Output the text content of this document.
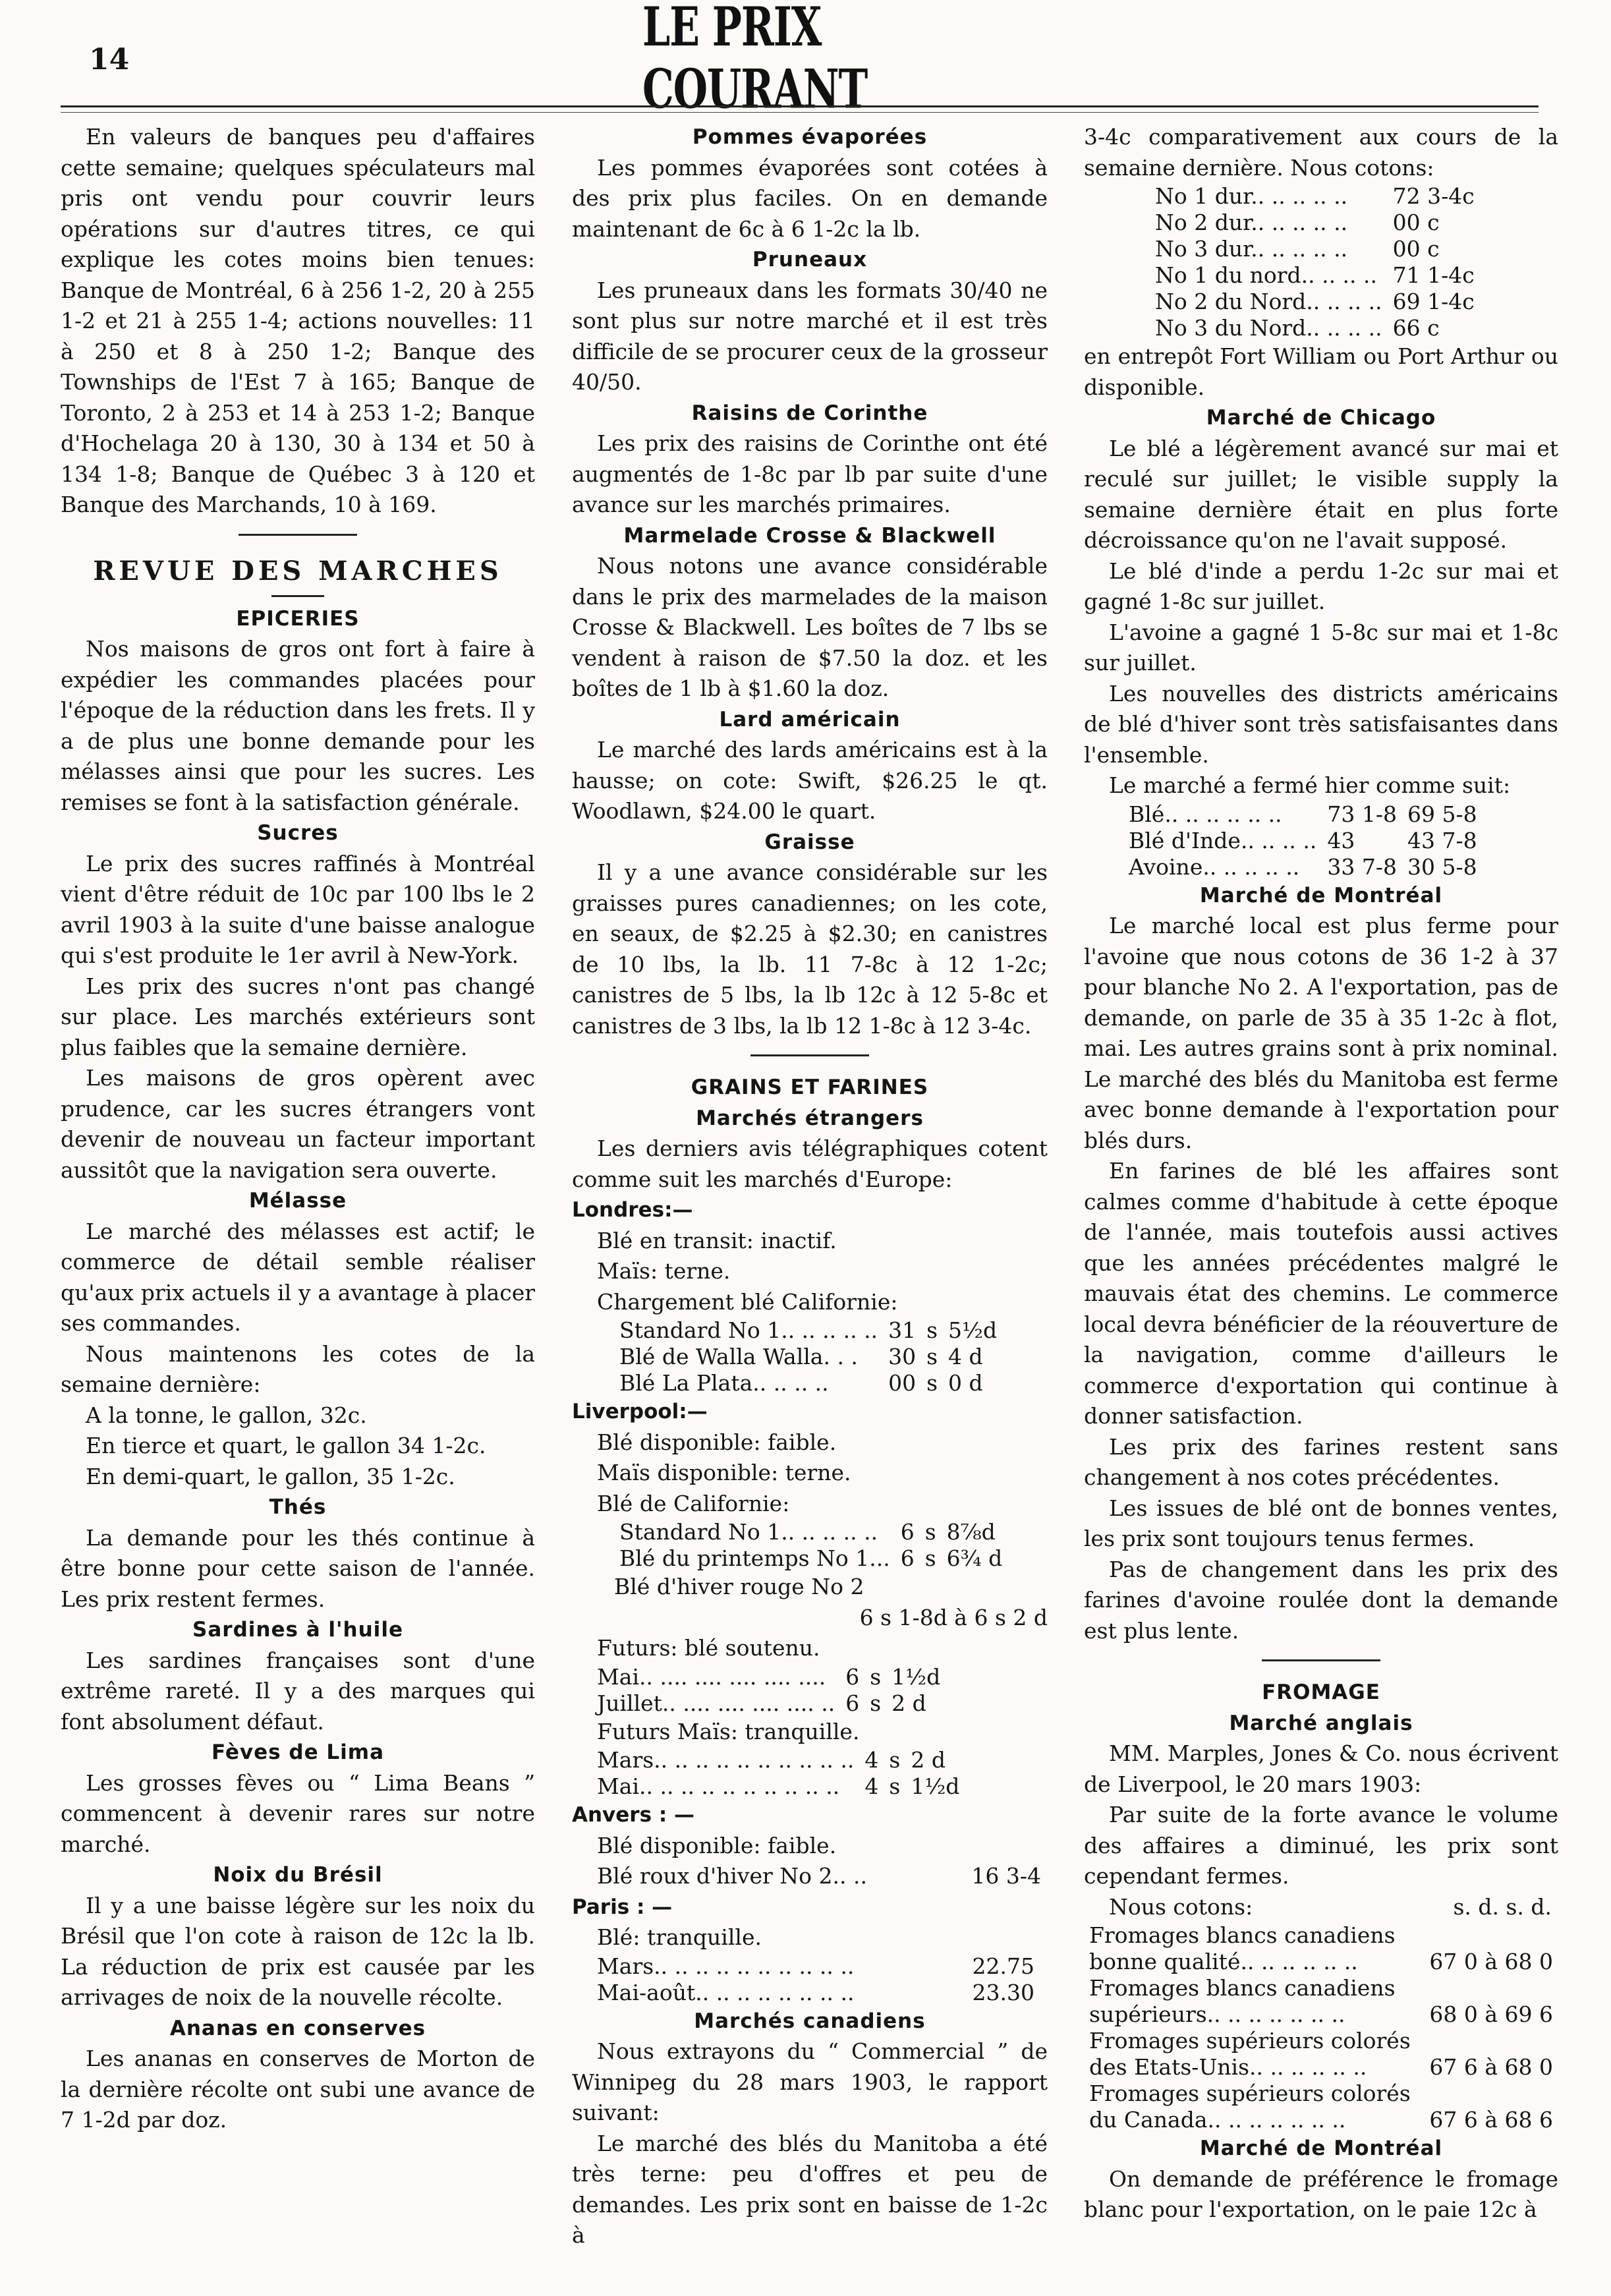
14
LE PRIX COURANT

En valeurs de banques peu d'affaires cette semaine; quelques spéculateurs mal pris ont vendu pour couvrir leurs opérations sur d'autres titres, ce qui explique les cotes moins bien tenues: Banque de Montréal, 6 à 256 1-2, 20 à 255 1-2 et 21 à 255 1-4; actions nouvelles: 11 à 250 et 8 à 250 1-2; Banque des Townships de l'Est 7 à 165; Banque de Toronto, 2 à 253 et 14 à 253 1-2; Banque d'Hochelaga 20 à 130, 30 à 134 et 50 à 134 1-8; Banque de Québec 3 à 120 et Banque des Marchands, 10 à 169.

REVUE DES MARCHES
EPICERIES

Nos maisons de gros ont fort à faire à expédier les commandes placées pour l'époque de la réduction dans les frets. Il y a de plus une bonne demande pour les mélasses ainsi que pour les sucres. Les remises se font à la satisfaction générale.

Sucres

Le prix des sucres raffinés à Montréal vient d'être réduit de 10c par 100 lbs le 2 avril 1903 à la suite d'une baisse analogue qui s'est produite le 1er avril à New-York.

Les prix des sucres n'ont pas changé sur place. Les marchés extérieurs sont plus faibles que la semaine dernière.

Les maisons de gros opèrent avec prudence, car les sucres étrangers vont devenir de nouveau un facteur important aussitôt que la navigation sera ouverte.

Mélasse

Le marché des mélasses est actif; le commerce de détail semble réaliser qu'aux prix actuels il y a avantage à placer ses commandes.

Nous maintenons les cotes de la semaine dernière:

A la tonne, le gallon, 32c.
En tierce et quart, le gallon 34 1-2c.
En demi-quart, le gallon, 35 1-2c.
Thés

La demande pour les thés continue à être bonne pour cette saison de l'année. Les prix restent fermes.

Sardines à l'huile

Les sardines françaises sont d'une extrême rareté. Il y a des marques qui font absolument défaut.

Fèves de Lima

Les grosses fèves ou “ Lima Beans ” commencent à devenir rares sur notre marché.

Noix du Brésil

Il y a une baisse légère sur les noix du Brésil que l'on cote à raison de 12c la lb. La réduction de prix est causée par les arrivages de noix de la nouvelle récolte.

Ananas en conserves

Les ananas en conserves de Morton de la dernière récolte ont subi une avance de 7 1-2d par doz.

Pommes évaporées

Les pommes évaporées sont cotées à des prix plus faciles. On en demande maintenant de 6c à 6 1-2c la lb.

Pruneaux

Les pruneaux dans les formats 30/40 ne sont plus sur notre marché et il est très difficile de se procurer ceux de la grosseur 40/50.

Raisins de Corinthe

Les prix des raisins de Corinthe ont été augmentés de 1-8c par lb par suite d'une avance sur les marchés primaires.

Marmelade Crosse & Blackwell

Nous notons une avance considérable dans le prix des marmelades de la maison Crosse & Blackwell. Les boîtes de 7 lbs se vendent à raison de $7.50 la doz. et les boîtes de 1 lb à $1.60 la doz.

Lard américain

Le marché des lards américains est à la hausse; on cote: Swift, $26.25 le qt. Woodlawn, $24.00 le quart.

Graisse

Il y a une avance considérable sur les graisses pures canadiennes; on les cote, en seaux, de $2.25 à $2.30; en canistres de 10 lbs, la lb. 11 7-8c à 12 1-2c; canistres de 5 lbs, la lb 12c à 12 5-8c et canistres de 3 lbs, la lb 12 1-8c à 12 3-4c.

GRAINS ET FARINES
Marchés étrangers

Les derniers avis télégraphiques cotent comme suit les marchés d'Europe:

Londres:—
Blé en transit: inactif.
Maïs: terne.
Chargement blé Californie:
Standard No 1.. .. .. .. ..	31	s	5½d
Blé de Walla Walla. . .	30	s	4 d
Blé La Plata.. .. .. ..	00	s	0 d
Liverpool:—
Blé disponible: faible.
Maïs disponible: terne.
Blé de Californie:
Standard No 1.. .. .. .. ..	6	s	8⅞d
Blé du printemps No 1...	6	s	6¾ d
Blé d'hiver rouge No 2
6 s 1-8d à 6 s 2 d
Futurs: blé soutenu.
Mai.. .... .... .... .... ....	6	s	1½d
Juillet.. .... .... .... .... ..	6	s	2 d
Futurs Maïs: tranquille.
Mars.. .. .. .. .. .. .. .. .. ..	4	s	2 d
Mai.. .. .. .. .. .. .. .. .. ..	4	s	1½d
Anvers : —
Blé disponible: faible.
Blé roux d'hiver No 2.. ..	16 3-4
Paris : —
Blé: tranquille.
Mars.. .. .. .. .. .. .. .. .. ..	22.75
Mai-août.. .. .. .. .. .. .. ..	23.30
Marchés canadiens

Nous extrayons du “ Commercial ” de Winnipeg du 28 mars 1903, le rapport suivant:

Le marché des blés du Manitoba a été très terne: peu d'offres et peu de demandes. Les prix sont en baisse de 1-2c à

3-4c comparativement aux cours de la semaine dernière. Nous cotons:

No 1 dur.. .. .. .. ..	72 3-4c
No 2 dur.. .. .. .. ..	00 c
No 3 dur.. .. .. .. ..	00 c
No 1 du nord.. .. .. ..	71 1-4c
No 2 du Nord.. .. .. ..	69 1-4c
No 3 du Nord.. .. .. ..	66 c

en entrepôt Fort William ou Port Arthur ou disponible.

Marché de Chicago

Le blé a légèrement avancé sur mai et reculé sur juillet; le visible supply la semaine dernière était en plus forte décroissance qu'on ne l'avait supposé.

Le blé d'inde a perdu 1-2c sur mai et gagné 1-8c sur juillet.

L'avoine a gagné 1 5-8c sur mai et 1-8c sur juillet.

Les nouvelles des districts américains de blé d'hiver sont très satisfaisantes dans l'ensemble.

Le marché a fermé hier comme suit:

Blé.. .. .. .. .. ..	73 1-8	69 5-8
Blé d'Inde.. .. .. ..	43	43 7-8
Avoine.. .. .. .. ..	33 7-8	30 5-8
Marché de Montréal

Le marché local est plus ferme pour l'avoine que nous cotons de 36 1-2 à 37 pour blanche No 2. A l'exportation, pas de demande, on parle de 35 à 35 1-2c à flot, mai. Les autres grains sont à prix nominal. Le marché des blés du Manitoba est ferme avec bonne demande à l'exportation pour blés durs.

En farines de blé les affaires sont calmes comme d'habitude à cette époque de l'année, mais toutefois aussi actives que les années précédentes malgré le mauvais état des chemins. Le commerce local devra bénéficier de la réouverture de la navigation, comme d'ailleurs le commerce d'exportation qui continue à donner satisfaction.

Les prix des farines restent sans changement à nos cotes précédentes.

Les issues de blé ont de bonnes ventes, les prix sont toujours tenus fermes.

Pas de changement dans les prix des farines d'avoine roulée dont la demande est plus lente.

FROMAGE
Marché anglais

MM. Marples, Jones & Co. nous écrivent de Liverpool, le 20 mars 1903:

Par suite de la forte avance le volume des affaires a diminué, les prix sont cependant fermes.

Nous cotons:	s. d. s. d.
Fromages blancs canadiens	
bonne qualité.. .. .. .. .. ..	67 0 à 68 0
Fromages blancs canadiens	
supérieurs.. .. .. .. .. .. ..	68 0 à 69 6
Fromages supérieurs colorés	
des Etats-Unis.. .. .. .. .. ..	67 6 à 68 0
Fromages supérieurs colorés	
du Canada.. .. .. .. .. .. ..	67 6 à 68 6
Marché de Montréal

On demande de préférence le fromage blanc pour l'exportation, on le paie 12c à
